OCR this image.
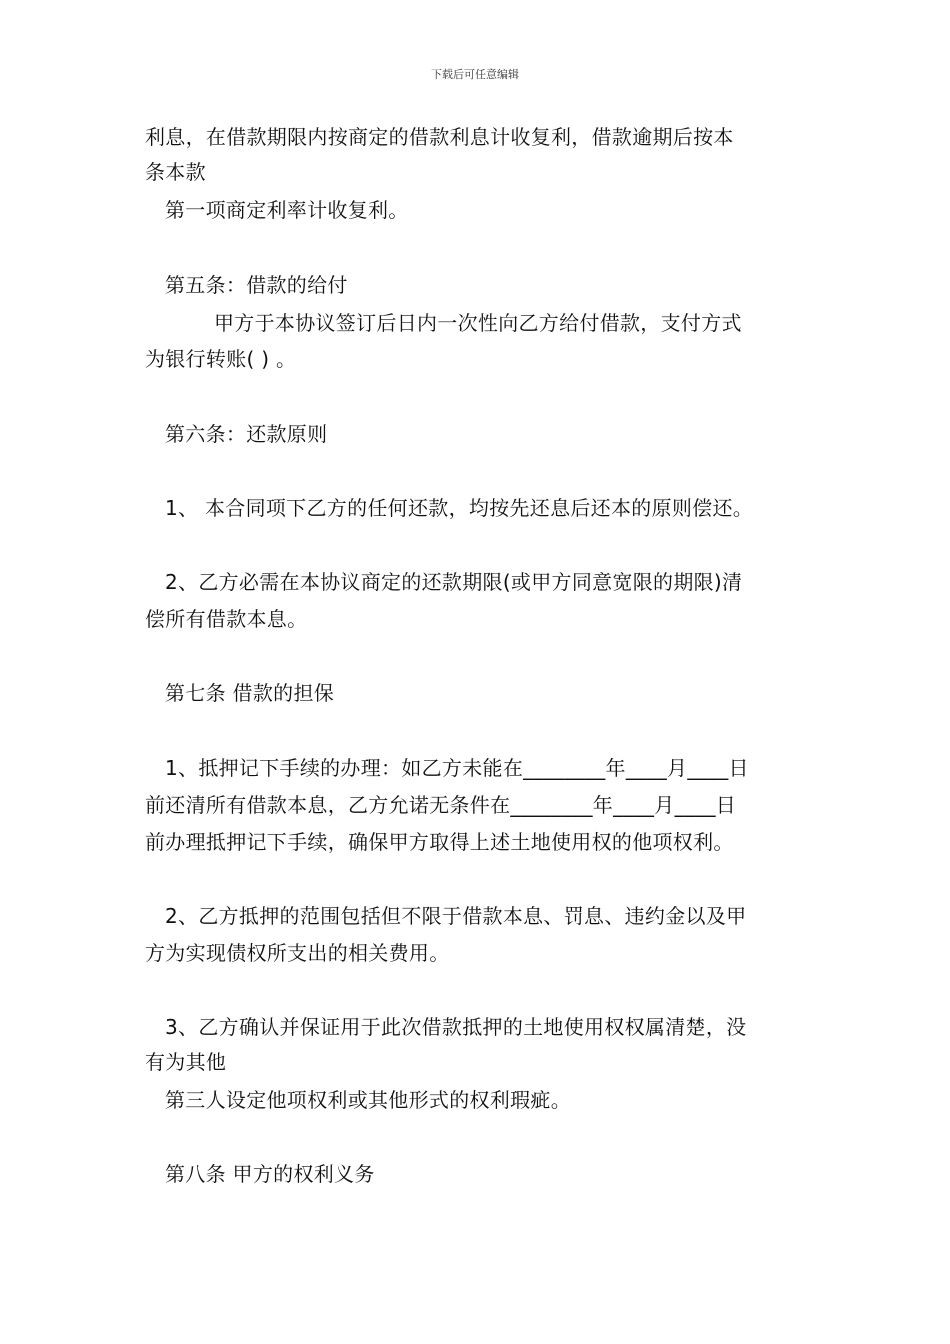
下载后可任意编辑
利息，在借款期限内按商定的借款利息计收复利，借款逾期后按本
条本款
第一项商定利率计收复利。
第五条：借款的给付
甲方于本协议签订后日内一次性向乙方给付借款，支付方式
为银行转账( ) 。
第六条：还款原则
1、 本合同项下乙方的任何还款，均按先还息后还本的原则偿还。
2、乙方必需在本协议商定的还款期限(或甲方同意宽限的期限)清
偿所有借款本息。
第七条 借款的担保
1、抵押记下手续的办理：如乙方未能在________年____月____日
前还清所有借款本息，乙方允诺无条件在________年____月____日
前办理抵押记下手续，确保甲方取得上述土地使用权的他项权利。
2、乙方抵押的范围包括但不限于借款本息、罚息、违约金以及甲
方为实现债权所支出的相关费用。
3、乙方确认并保证用于此次借款抵押的土地使用权权属清楚，没
有为其他
第三人设定他项权利或其他形式的权利瑕疵。
第八条 甲方的权利义务
